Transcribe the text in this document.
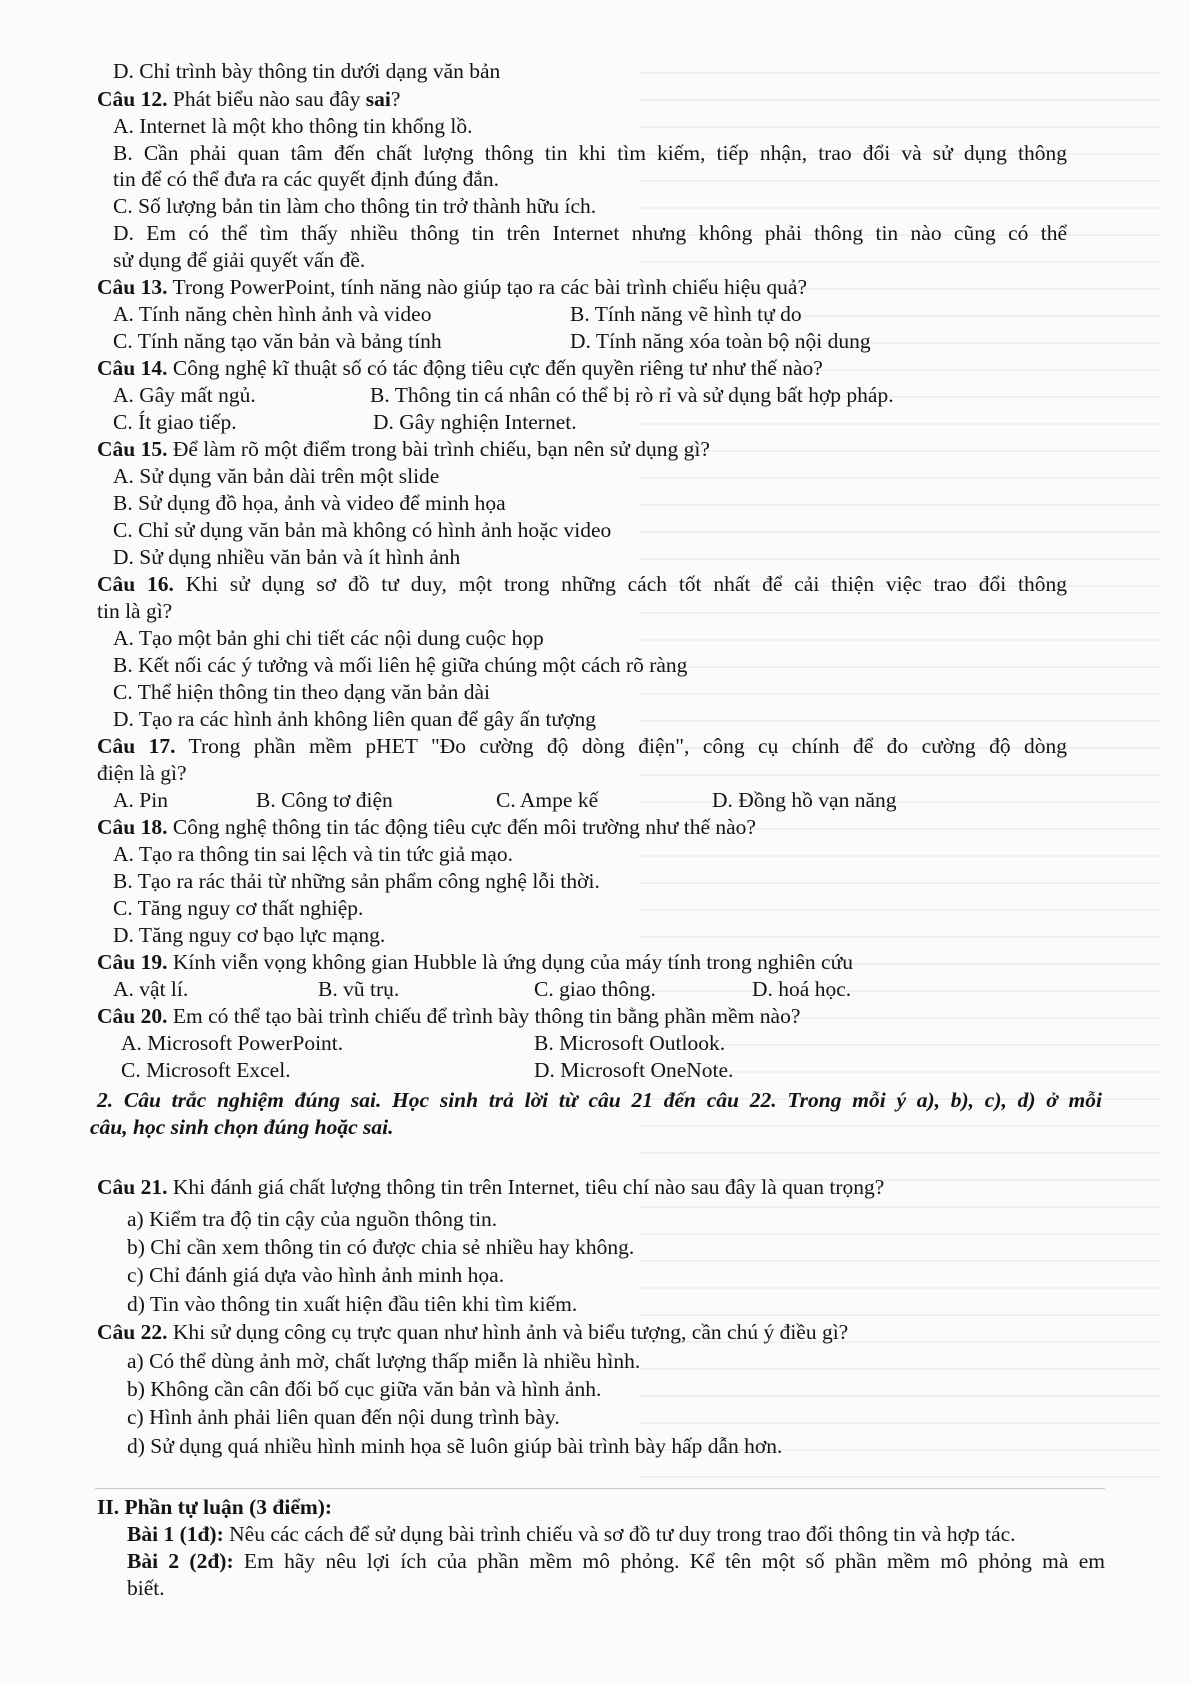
D. Chỉ trình bày thông tin dưới dạng văn bản
Câu 12. Phát biểu nào sau đây sai?
A. Internet là một kho thông tin khổng lồ.
B. Cần phải quan tâm đến chất lượng thông tin khi tìm kiếm, tiếp nhận, trao đổi và sử dụng thông
tin để có thể đưa ra các quyết định đúng đắn.
C. Số lượng bản tin làm cho thông tin trở thành hữu ích.
D. Em có thể tìm thấy nhiều thông tin trên Internet nhưng không phải thông tin nào cũng có thể
sử dụng để giải quyết vấn đề.
Câu 13. Trong PowerPoint, tính năng nào giúp tạo ra các bài trình chiếu hiệu quả?
A. Tính năng chèn hình ảnh và video	B. Tính năng vẽ hình tự do
C. Tính năng tạo văn bản và bảng tính	D. Tính năng xóa toàn bộ nội dung
Câu 14. Công nghệ kĩ thuật số có tác động tiêu cực đến quyền riêng tư như thế nào?
A. Gây mất ngủ.	B. Thông tin cá nhân có thể bị rò rỉ và sử dụng bất hợp pháp.
C. Ít giao tiếp.	D. Gây nghiện Internet.
Câu 15. Để làm rõ một điểm trong bài trình chiếu, bạn nên sử dụng gì?
A. Sử dụng văn bản dài trên một slide
B. Sử dụng đồ họa, ảnh và video để minh họa
C. Chỉ sử dụng văn bản mà không có hình ảnh hoặc video
D. Sử dụng nhiều văn bản và ít hình ảnh
Câu 16. Khi sử dụng sơ đồ tư duy, một trong những cách tốt nhất để cải thiện việc trao đổi thông
tin là gì?
A. Tạo một bản ghi chi tiết các nội dung cuộc họp
B. Kết nối các ý tưởng và mối liên hệ giữa chúng một cách rõ ràng
C. Thể hiện thông tin theo dạng văn bản dài
D. Tạo ra các hình ảnh không liên quan để gây ấn tượng
Câu 17. Trong phần mềm pHET "Đo cường độ dòng điện", công cụ chính để đo cường độ dòng
điện là gì?
A. Pin	B. Công tơ điện	C. Ampe kế	D. Đồng hồ vạn năng
Câu 18. Công nghệ thông tin tác động tiêu cực đến môi trường như thế nào?
A. Tạo ra thông tin sai lệch và tin tức giả mạo.
B. Tạo ra rác thải từ những sản phẩm công nghệ lỗi thời.
C. Tăng nguy cơ thất nghiệp.
D. Tăng nguy cơ bạo lực mạng.
Câu 19. Kính viễn vọng không gian Hubble là ứng dụng của máy tính trong nghiên cứu
A. vật lí.	B. vũ trụ.	C. giao thông.	D. hoá học.
Câu 20. Em có thể tạo bài trình chiếu để trình bày thông tin bằng phần mềm nào?
A. Microsoft PowerPoint.	B. Microsoft Outlook.
C. Microsoft Excel.	D. Microsoft OneNote.
2. Câu trắc nghiệm đúng sai. Học sinh trả lời từ câu 21 đến câu 22. Trong mỗi ý a), b), c), d) ở mỗi
câu, học sinh chọn đúng hoặc sai.
Câu 21. Khi đánh giá chất lượng thông tin trên Internet, tiêu chí nào sau đây là quan trọng?
a) Kiểm tra độ tin cậy của nguồn thông tin.
b) Chỉ cần xem thông tin có được chia sẻ nhiều hay không.
c) Chỉ đánh giá dựa vào hình ảnh minh họa.
d) Tin vào thông tin xuất hiện đầu tiên khi tìm kiếm.
Câu 22. Khi sử dụng công cụ trực quan như hình ảnh và biểu tượng, cần chú ý điều gì?
a) Có thể dùng ảnh mờ, chất lượng thấp miễn là nhiều hình.
b) Không cần cân đối bố cục giữa văn bản và hình ảnh.
c) Hình ảnh phải liên quan đến nội dung trình bày.
d) Sử dụng quá nhiều hình minh họa sẽ luôn giúp bài trình bày hấp dẫn hơn.
II. Phần tự luận (3 điểm):
Bài 1 (1đ): Nêu các cách để sử dụng bài trình chiếu và sơ đồ tư duy trong trao đổi thông tin và hợp tác.
Bài 2 (2đ): Em hãy nêu lợi ích của phần mềm mô phỏng. Kể tên một số phần mềm mô phỏng mà em
biết.
